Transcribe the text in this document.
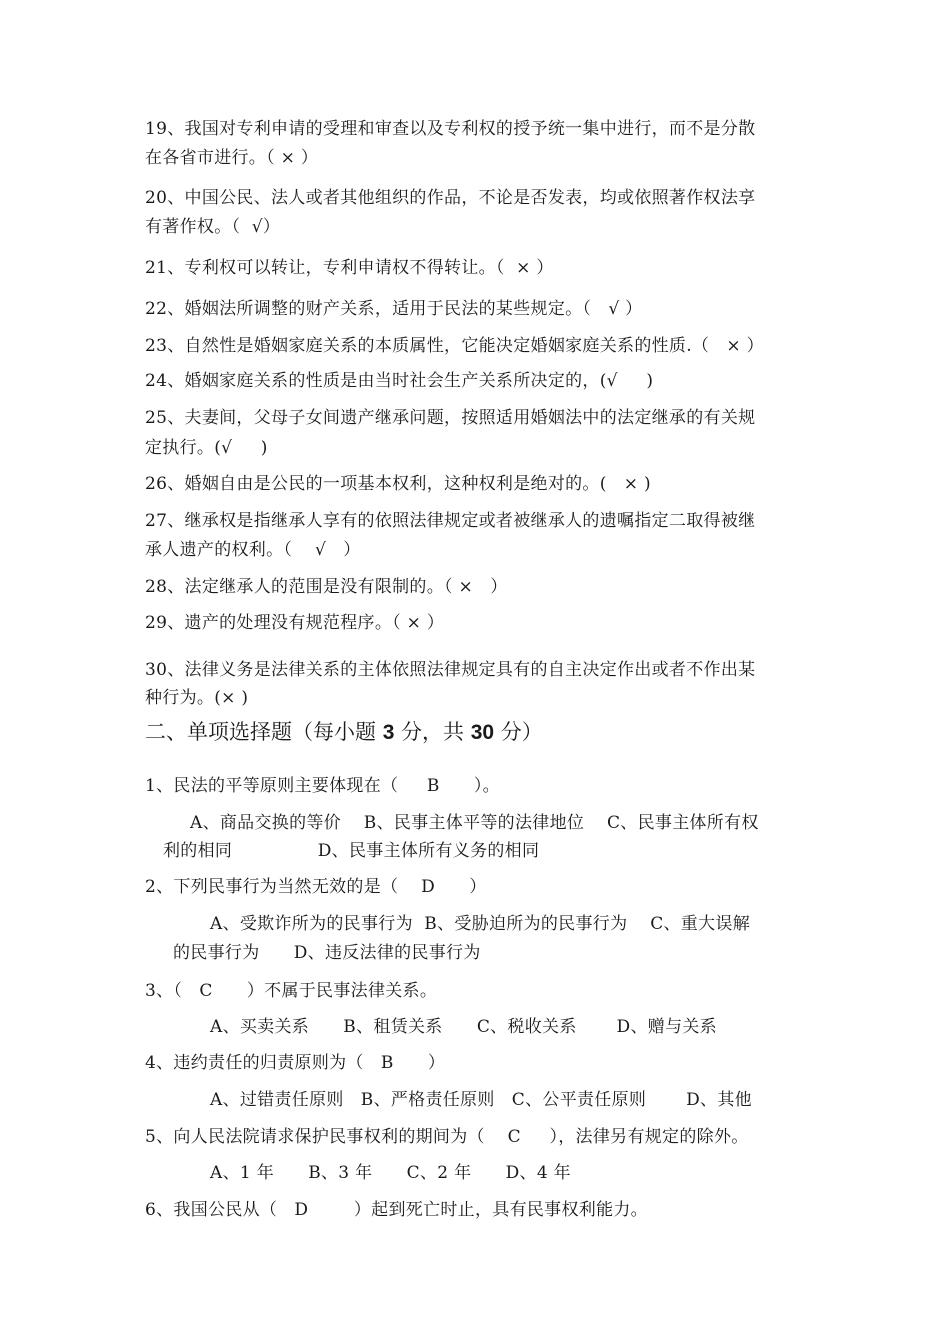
19、我国对专利申请的受理和审查以及专利权的授予统一集中进行，而不是分散
在各省市进行。（ × ）
20、中国公民、法人或者其他组织的作品，不论是否发表，均或依照著作权法享
有著作权。（  √）
21、专利权可以转让，专利申请权不得转让。（  × ）
22、婚姻法所调整的财产关系，适用于民法的某些规定。（   √ ）
23、自然性是婚姻家庭关系的本质属性，它能决定婚姻家庭关系的性质.（   × ）
24、婚姻家庭关系的性质是由当时社会生产关系所决定的，(√     )
25、夫妻间，父母子女间遗产继承问题，按照适用婚姻法中的法定继承的有关规
定执行。(√     )
26、婚姻自由是公民的一项基本权利，这种权利是绝对的。(   × )
27、继承权是指继承人享有的依照法律规定或者被继承人的遗嘱指定二取得被继
承人遗产的权利。（    √   ）
28、法定继承人的范围是没有限制的。（ ×   ）
29、遗产的处理没有规范程序。（ × ）
30、法律义务是法律关系的主体依照法律规定具有的自主决定作出或者不作出某
种行为。(× )
二、单项选择题（每小题 3 分，共 30 分）
1、民法的平等原则主要体现在（     B      ）。
A、商品交换的等价    B、民事主体平等的法律地位    C、民事主体所有权
利的相同               D、民事主体所有义务的相同
2、下列民事行为当然无效的是（    D      ）
A、受欺诈所为的民事行为  B、受胁迫所为的民事行为    C、重大误解
的民事行为      D、违反法律的民事行为
3、（   C      ）不属于民事法律关系。
A、买卖关系      B、租赁关系      C、税收关系       D、赠与关系
4、违约责任的归责原则为（   B      ）
A、过错责任原则   B、严格责任原则   C、公平责任原则       D、其他
5、向人民法院请求保护民事权利的期间为（    C     ），法律另有规定的除外。
A、1 年      B、3 年      C、2 年      D、4 年
6、我国公民从（   D        ）起到死亡时止，具有民事权利能力。
